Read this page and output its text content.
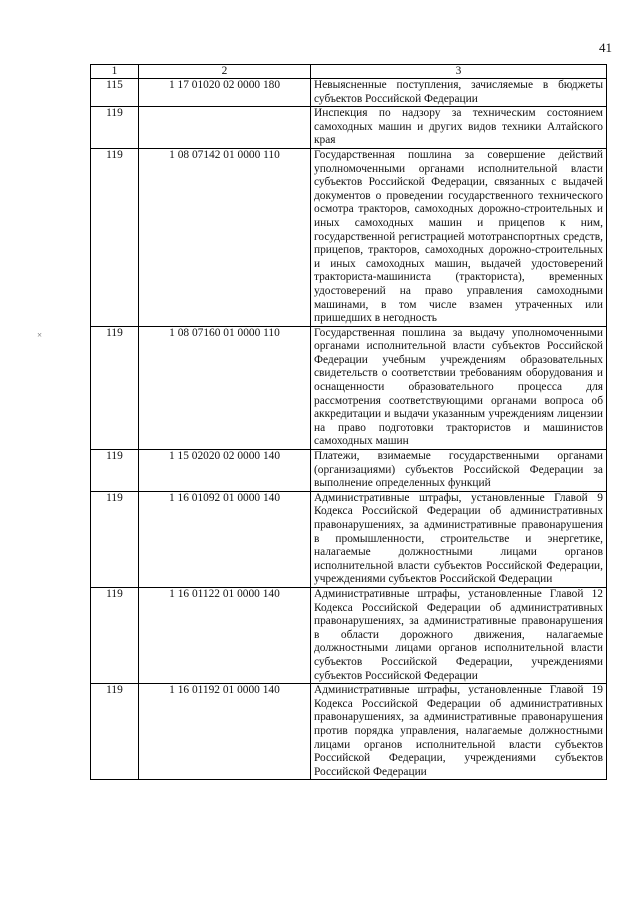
41
×
1	2	3
115	1 17 01020 02 0000 180	Невыясненные поступления, зачисляемые в бюджеты субъектов Российской Федерации
119		Инспекция по надзору за техническим состоянием самоходных машин и других видов техники Алтайского края
119	1 08 07142 01 0000 110	Государственная пошлина за совершение действий уполномоченными органами исполнительной власти субъектов Российской Федерации, связанных с выдачей документов о проведении государственного технического осмотра тракторов, самоходных дорожно-строительных и иных самоходных машин и прицепов к ним, государственной регистрацией мототранспортных средств, прицепов, тракторов, самоходных дорожно-строительных и иных самоходных машин, выдачей удостоверений тракториста-машиниста (тракториста), временных удостоверений на право управления самоходными машинами, в том числе взамен утраченных или пришедших в негодность
119	1 08 07160 01 0000 110	Государственная пошлина за выдачу уполномоченными органами исполнительной власти субъектов Российской Федерации учебным учреждениям образовательных свидетельств о соответствии требованиям оборудования и оснащенности образовательного процесса для рассмотрения соответствующими органами вопроса об аккредитации и выдачи указанным учреждениям лицензии на право подготовки трактористов и машинистов самоходных машин
119	1 15 02020 02 0000 140	Платежи, взимаемые государственными органами (организациями) субъектов Российской Федерации за выполнение определенных функций
119	1 16 01092 01 0000 140	Административные штрафы, установленные Главой 9 Кодекса Российской Федерации об административных правонарушениях, за административные правонарушения в промышленности, строительстве и энергетике, налагаемые должностными лицами органов исполнительной власти субъектов Российской Федерации, учреждениями субъектов Российской Федерации
119	1 16 01122 01 0000 140	Административные штрафы, установленные Главой 12 Кодекса Российской Федерации об административных правонарушениях, за административные правонарушения в области дорожного движения, налагаемые должностными лицами органов исполнительной власти субъектов Российской Федерации, учреждениями субъектов Российской Федерации
119	1 16 01192 01 0000 140	Административные штрафы, установленные Главой 19 Кодекса Российской Федерации об административных правонарушениях, за административные правонарушения против порядка управления, налагаемые должностными лицами органов исполнительной власти субъектов Российской Федерации, учреждениями субъектов Российской Федерации
